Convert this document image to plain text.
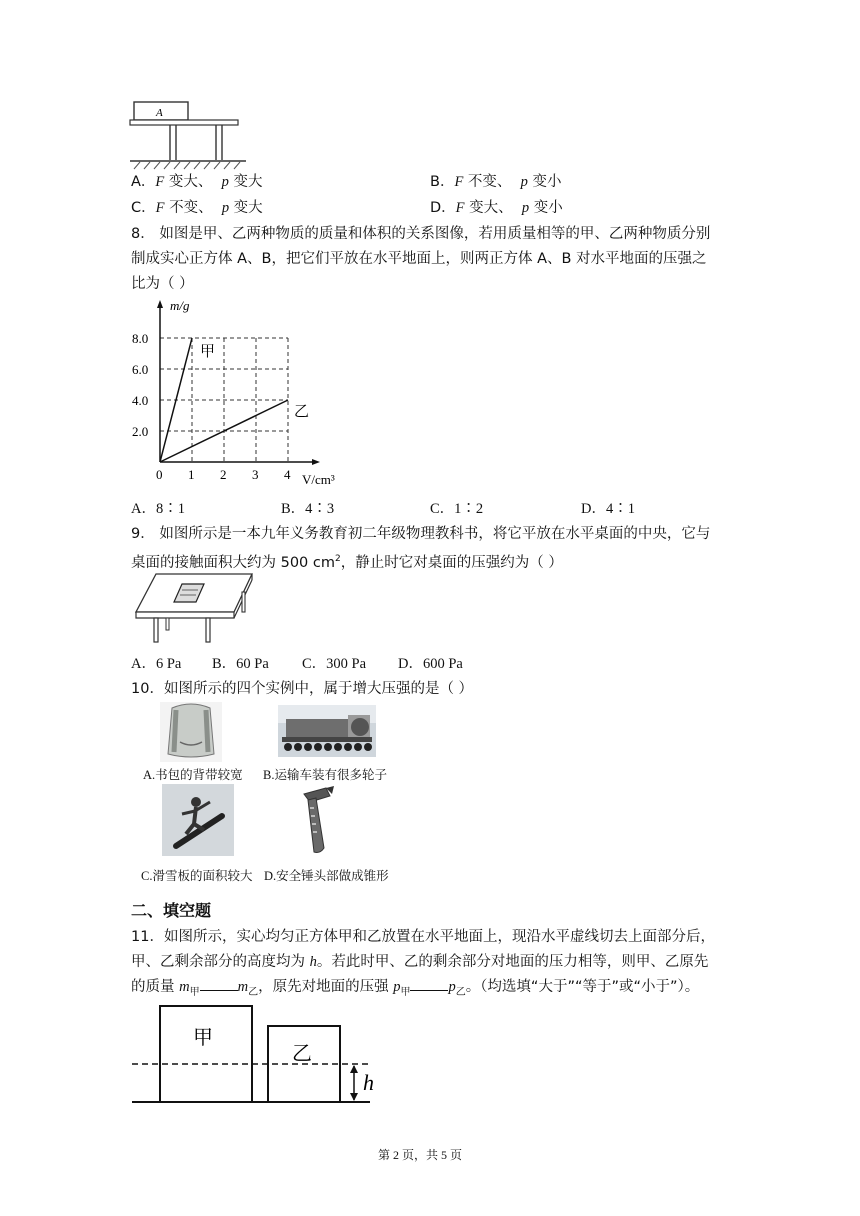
A
A．F 变大、 p 变大	B．F 不变、 p 变小
C．F 不变、 p 变大	D．F 变大、 p 变小
8． 如图是甲、乙两种物质的质量和体积的关系图像，若用质量相等的甲、乙两种物质分别
制成实心正方体 A、B，把它们平放在水平地面上，则两正方体 A、B 对水平地面的压强之
比为（ ）
0 1 2 3 4
2.0
4.0
6.0
8.0
m/g
V/cm³
甲
乙
A．8∶1	B．4∶3	C．1∶2	D．4∶1
9． 如图所示是一本九年义务教育初二年级物理教科书，将它平放在水平桌面的中央，它与
桌面的接触面积大约为 500 $cm^2$，静止时它对桌面的压强约为（ ）
A．6 Pa B．60 Pa C．300 Pa D．600 Pa
10．如图所示的四个实例中，属于增大压强的是（ ）
A.书包的背带较宽 B.运输车装有很多轮子
C.滑雪板的面积较大 D.安全锤头部做成锥形
二、填空题
11．如图所示，实心均匀正方体甲和乙放置在水平地面上，现沿水平虚线切去上面部分后，
甲、乙剩余部分的高度均为 h。若此时甲、乙的剩余部分对地面的压力相等，则甲、乙原先
的质量 $m_甲$	$m_乙$，原先对地面的压强 $p_甲$	$p_乙$。（均选填“大于”“等于”或“小于”）。
甲
乙
h
第 2 页，共 5 页
